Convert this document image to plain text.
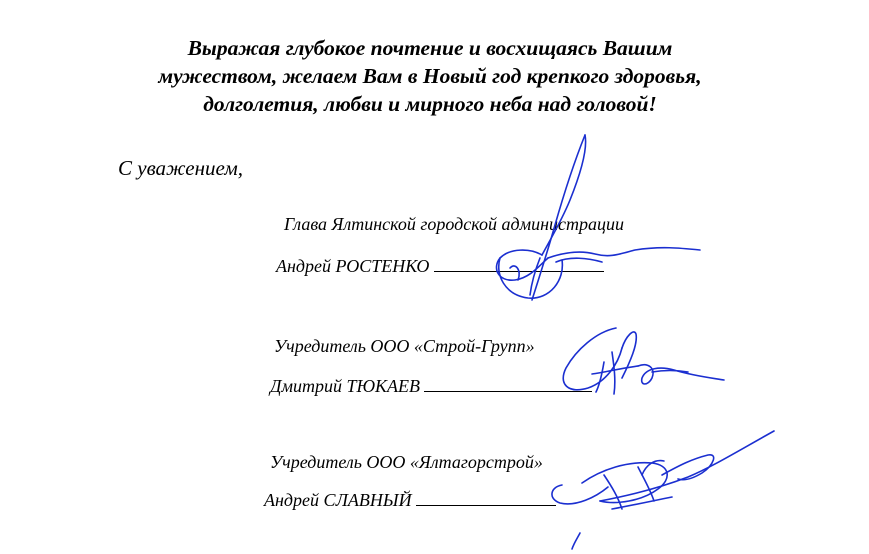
Выражая глубокое почтение и восхищаясь Вашим
мужеством, желаем Вам в Новый год крепкого здоровья,
долголетия, любви и мирного неба над головой!

С уважением,
Глава Ялтинской городской администрации
Андрей РОСТЕНКО
Учредитель ООО «Строй-Групп»
Дмитрий ТЮКАЕВ
Учредитель ООО «Ялтагорстрой»
Андрей СЛАВНЫЙ
